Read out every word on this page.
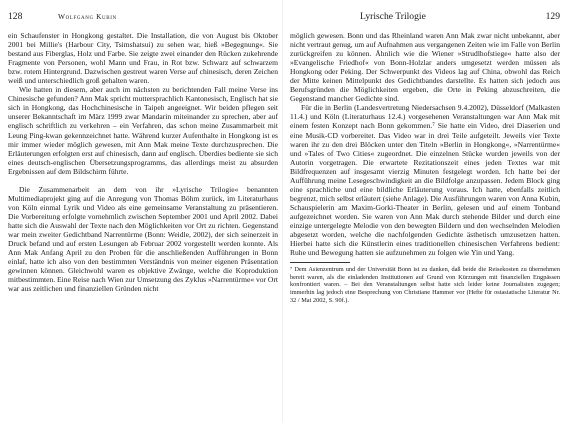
128	Wolfgang Kubin

ein Schaufenster in Hongkong gestaltet. Die Installation, die von August bis Oktober 2001 bei Millie's (Harbour City, Tsimshatsui) zu sehen war, hieß »Begegnung«. Sie bestand aus Fiberglas, Holz und Farbe. Sie zeigte zwei einander den Rücken zukehrende Fragmente von Personen, wohl Mann und Frau, in Rot bzw. Schwarz auf schwarzem bzw. rotem Hintergrund. Dazwischen gestreut waren Verse auf chinesisch, deren Zeichen weiß und unterschiedlich groß gehalten waren.

Wie hatten in diesem, aber auch im nächsten zu berichtenden Fall meine Verse ins Chinesische gefunden? Ann Mak spricht muttersprachlich Kantonesisch, Englisch hat sie sich in Hongkong, das Hochchinesische in Taipeh angeeignet. Wir beiden pflegen seit unserer Bekanntschaft im März 1999 zwar Mandarin miteinander zu sprechen, aber auf englisch schriftlich zu verkehren – ein Verfahren, das schon meine Zusammarbeit mit Leung Ping-kwan gekennzeichnet hatte. Während kurzer Aufenthalte in Hongkong ist es mir immer wieder möglich gewesen, mit Ann Mak meine Texte durchzusprechen. Die Erläuterungen erfolgten erst auf chinesisch, dann auf englisch. Überdies bediente sie sich eines deutsch-englischen Übersetzungsprogramms, das allerdings meist zu absurden Ergebnissen auf dem Bildschirm führte.

Die Zusammenarbeit an dem von ihr »Lyrische Trilogie« benannten Multimediaprojekt ging auf die Anregung von Thomas Böhm zurück, im Literaturhaus von Köln einmal Lyrik und Video als eine gemeinsame Veranstaltung zu präsentieren. Die Vorbereitung erfolgte vornehmlich zwischen September 2001 und April 2002. Dabei hatte sich die Auswahl der Texte nach den Möglichkeiten vor Ort zu richten. Gegenstand war mein zweiter Gedichtband Narrentürme (Bonn: Weidle, 2002), der sich seinerzeit in Druck befand und auf ersten Lesungen ab Februar 2002 vorgestellt werden konnte. Als Ann Mak Anfang April zu den Proben für die anschließenden Aufführungen in Bonn einlaf, hatte ich also von den bestimmten Verständnis von meiner eigenen Präsentation gewinnen können. Gleichwohl waren es objektive Zwänge, welche die Koproduktion mitbestimmten. Eine Reise nach Wien zur Umsetzung des Zyklus »Narrentürme« vor Ort war aus zeitlichen und finanziellen Gründen nicht

Lyrische Trilogie	129

möglich gewesen. Bonn und das Rheinland waren Ann Mak zwar nicht unbekannt, aber nicht vertraut genug, um auf Aufnahmen aus vergangenen Zeiten wie im Falle von Berlin zurückgreifen zu können. Ähnlich wie die Wiener »Strudlhofstiege« hatte also der »Evangelische Friedhof« von Bonn-Holzlar anders umgesetzt werden müssen als Hongkong oder Peking. Der Schwerpunkt des Videos lag auf China, obwohl das Reich der Mitte keinen Mittelpunkt des Gedichtbandes darstellte. Es hatten sich jedoch aus Berufsgründen die Möglichkeiten ergeben, die Orte in Peking abzuschreiten, die Gegenstand mancher Gedichte sind.

Für die in Berlin (Landesvertretung Niedersachsen 9.4.2002), Düsseldorf (Malkasten 11.4.) und Köln (Literaturhaus 12.4.) vorgesehenen Veranstaltungen war Ann Mak mit einem festen Konzept nach Bonn gekommen.⁷ Sie hatte ein Video, drei Diaserien und eine Musik-CD vorbereitet. Das Video war in drei Teile aufgeteilt. Jeweils vier Texte waren ihr zu den drei Blöcken unter den Titeln »Berlin in Hongkong«, »Narrentürme« und »Tales of Two Cities« zugeordnet. Die einzelnen Stücke wurden jeweils von der Autorin vorgetragen. Die erwartete Rezitationszeit eines jeden Textes war mit Bildfrequenzen auf insgesamt vierzig Minuten festgelegt worden. Ich hatte bei der Aufführung meine Lesegeschwindigkeit an die Bildfolge anzupassen. Jedem Block ging eine sprachliche und eine bildliche Erläuterung voraus. Ich hatte, ebenfalls zeitlich begrenzt, mich selbst erläutert (siehe Anlage). Die Ausführungen waren von Anna Kubin, Schauspielerin am Maxim-Gorki-Theater in Berlin, gelesen und auf einem Tonband aufgezeichnet worden. Sie waren von Ann Mak durch stehende Bilder und durch eine einzige untergelegte Melodie von den bewegten Bildern und den wechselnden Melodien abgesetzt worden, welche die nachfolgenden Gedichte ästhetisch umzusetzen hatten. Hierbei hatte sich die Künstlerin eines traditionellen chinesischen Verfahrens bedient: Ruhe und Bewegung hatten sie aufzunehmen zu folgen wie Yin und Yang.

⁷ Dem Asienzentrum und der Universität Bonn ist zu danken, daß beide die Reisekosten zu übernehmen bereit waren, als die einladenden Institutionen auf Grund von Kürzungen mit finanziellen Engpässen konfrontiert waren. – Bei den Veranstaltungen selbst hatte sich leider keine Journalisten zugegen; immerhin lag jedoch eine Besprechung von Christiane Hammer vor (Hefte für ostasiatische Literatur Nr. 32 / Mai 2002, S. 90f.).
